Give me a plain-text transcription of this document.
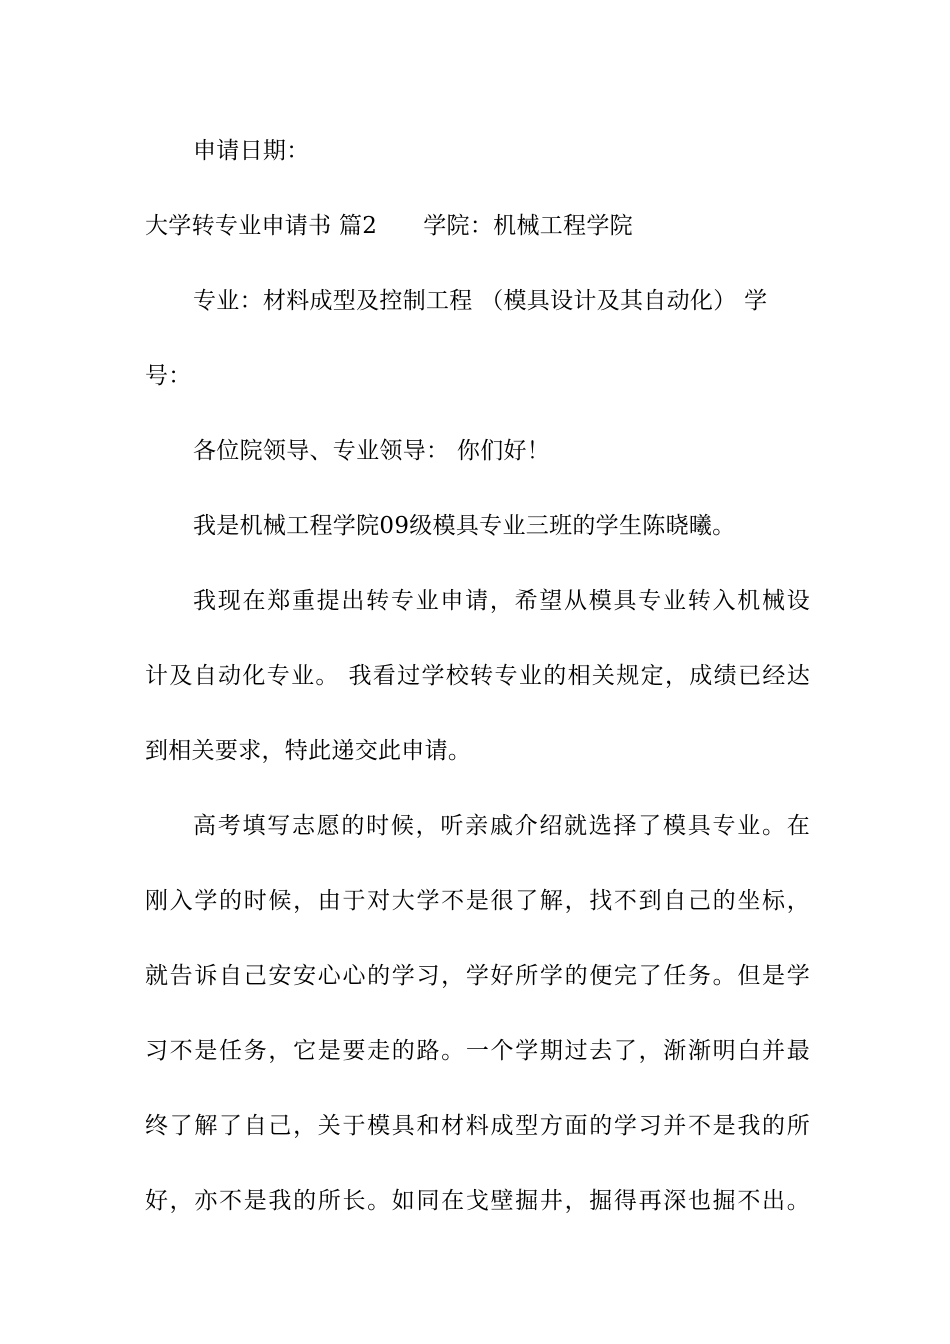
申请日期：
大学转专业申请书 篇2 学院：机械工程学院
专业：材料成型及控制工程 （模具设计及其自动化） 学
号：
各位院领导、专业领导： 你们好！
我是机械工程学院09级模具专业三班的学生陈晓曦。
我现在郑重提出转专业申请，希望从模具专业转入机械设
计及自动化专业。 我看过学校转专业的相关规定，成绩已经达
到相关要求，特此递交此申请。
高考填写志愿的时候，听亲戚介绍就选择了模具专业。在
刚入学的时候，由于对大学不是很了解，找不到自己的坐标，
就告诉自己安安心心的学习，学好所学的便完了任务。但是学
习不是任务，它是要走的路。一个学期过去了，渐渐明白并最
终了解了自己，关于模具和材料成型方面的学习并不是我的所
好，亦不是我的所长。如同在戈壁掘井，掘得再深也掘不出。
